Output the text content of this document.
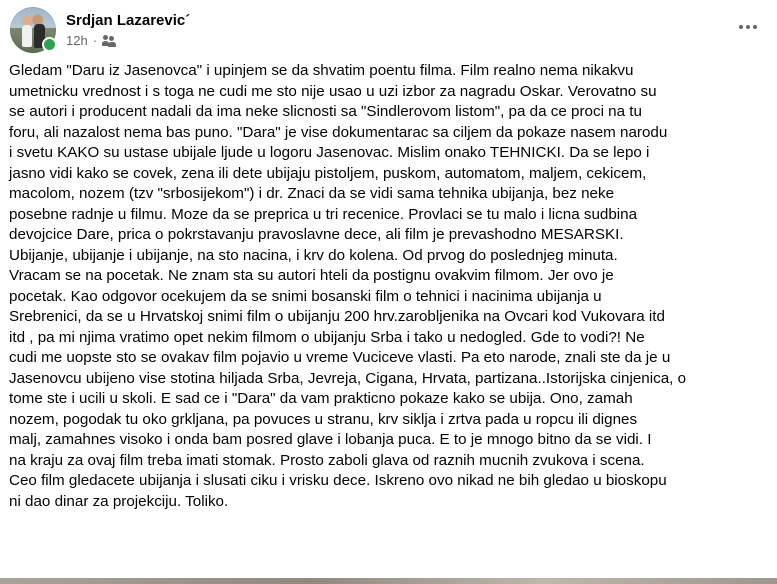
Srdjan Lazarevic´
12h ·

Gledam "Daru iz Jasenovca" i upinjem se da shvatim poentu filma. Film realno nema nikakvu
umetnicku vrednost i s toga ne cudi me sto nije usao u uzi izbor za nagradu Oskar. Verovatno su
se autori i producent nadali da ima neke slicnosti sa "Sindlerovom listom", pa da ce proci na tu
foru, ali nazalost nema bas puno. "Dara" je vise dokumentarac sa ciljem da pokaze nasem narodu
i svetu KAKO su ustase ubijale ljude u logoru Jasenovac. Mislim onako TEHNICKI. Da se lepo i
jasno vidi kako se covek, zena ili dete ubijaju pistoljem, puskom, automatom, maljem, cekicem,
macolom, nozem (tzv "srbosijekom") i dr. Znaci da se vidi sama tehnika ubijanja, bez neke
posebne radnje u filmu. Moze da se preprica u tri recenice. Provlaci se tu malo i licna sudbina
devojcice Dare, prica o pokrstavanju pravoslavne dece, ali film je prevashodno MESARSKI.
Ubijanje, ubijanje i ubijanje, na sto nacina, i krv do kolena. Od prvog do poslednjeg minuta.
Vracam se na pocetak. Ne znam sta su autori hteli da postignu ovakvim filmom. Jer ovo je
pocetak. Kao odgovor ocekujem da se snimi bosanski film o tehnici i nacinima ubijanja u
Srebrenici, da se u Hrvatskoj snimi film o ubijanju 200 hrv.zarobljenika na Ovcari kod Vukovara itd
itd , pa mi njima vratimo opet nekim filmom o ubijanju Srba i tako u nedogled. Gde to vodi?! Ne
cudi me uopste sto se ovakav film pojavio u vreme Vuciceve vlasti. Pa eto narode, znali ste da je u
Jasenovcu ubijeno vise stotina hiljada Srba, Jevreja, Cigana, Hrvata, partizana..Istorijska cinjenica, o
tome ste i ucili u skoli. E sad ce i "Dara" da vam prakticno pokaze kako se ubija. Ono, zamah
nozem, pogodak tu oko grkljana, pa povuces u stranu, krv siklja i zrtva pada u ropcu ili dignes
malj, zamahnes visoko i onda bam posred glave i lobanja puca. E to je mnogo bitno da se vidi. I
na kraju za ovaj film treba imati stomak. Prosto zaboli glava od raznih mucnih zvukova i scena.
Ceo film gledacete ubijanja i slusati ciku i vrisku dece. Iskreno ovo nikad ne bih gledao u bioskopu
ni dao dinar za projekciju. Toliko.
